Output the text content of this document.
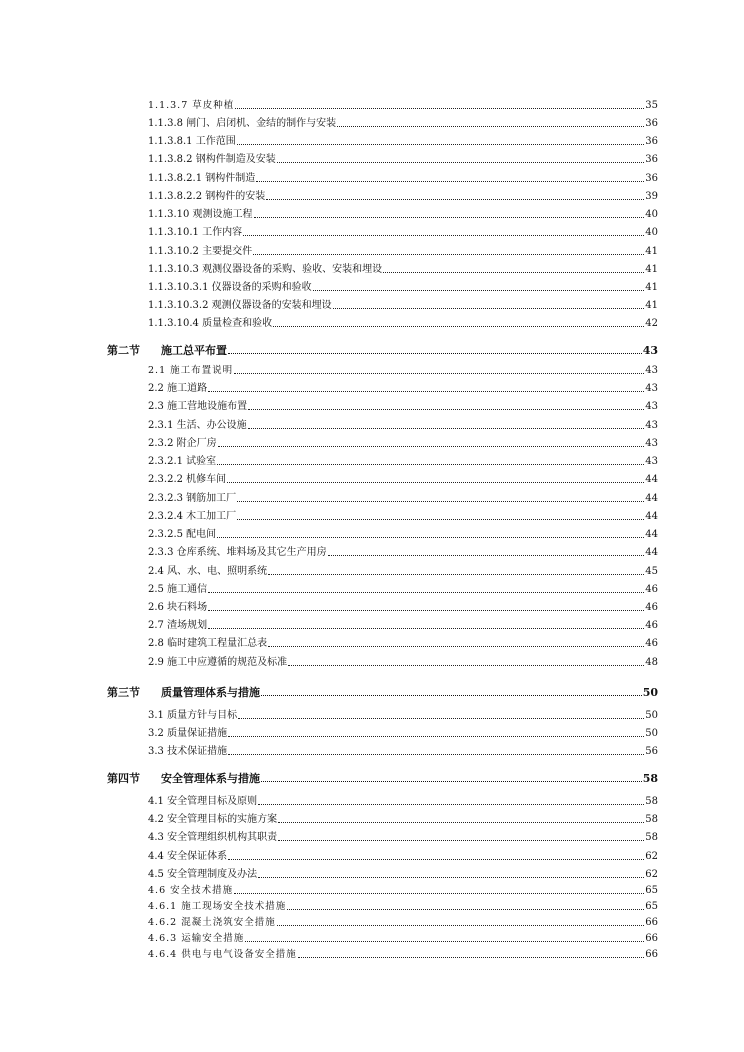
1.1.3.7 草皮种植	35
1.1.3.8 闸门、启闭机、金结的制作与安装	36
1.1.3.8.1 工作范围	36
1.1.3.8.2 钢构件制造及安装	36
1.1.3.8.2.1 钢构件制造	36
1.1.3.8.2.2 钢构件的安装	39
1.1.3.10 观测设施工程	40
1.1.3.10.1 工作内容	40
1.1.3.10.2 主要提交件	41
1.1.3.10.3 观测仪器设备的采购、验收、安装和埋设	41
1.1.3.10.3.1 仪器设备的采购和验收	41
1.1.3.10.3.2 观测仪器设备的安装和埋设	41
1.1.3.10.4 质量检查和验收	42
第二节 施工总平布置	43
2.1 施工布置说明	43
2.2 施工道路	43
2.3 施工营地设施布置	43
2.3.1 生活、办公设施	43
2.3.2 附企厂房	43
2.3.2.1 试验室	43
2.3.2.2 机修车间	44
2.3.2.3 钢筋加工厂	44
2.3.2.4 木工加工厂	44
2.3.2.5 配电间	44
2.3.3 仓库系统、堆料场及其它生产用房	44
2.4 风、水、电、照明系统	45
2.5 施工通信	46
2.6 块石料场	46
2.7 渣场规划	46
2.8 临时建筑工程量汇总表	46
2.9 施工中应遵循的规范及标准	48
第三节 质量管理体系与措施	50
3.1 质量方针与目标	50
3.2 质量保证措施	50
3.3 技术保证措施	56
第四节 安全管理体系与措施	58
4.1 安全管理目标及原则	58
4.2 安全管理目标的实施方案	58
4.3 安全管理组织机构其职责	58
4.4 安全保证体系	62
4.5 安全管理制度及办法	62
4.6 安全技术措施	65
4.6.1 施工现场安全技术措施	65
4.6.2 混凝土浇筑安全措施	66
4.6.3 运输安全措施	66
4.6.4 供电与电气设备安全措施	66
